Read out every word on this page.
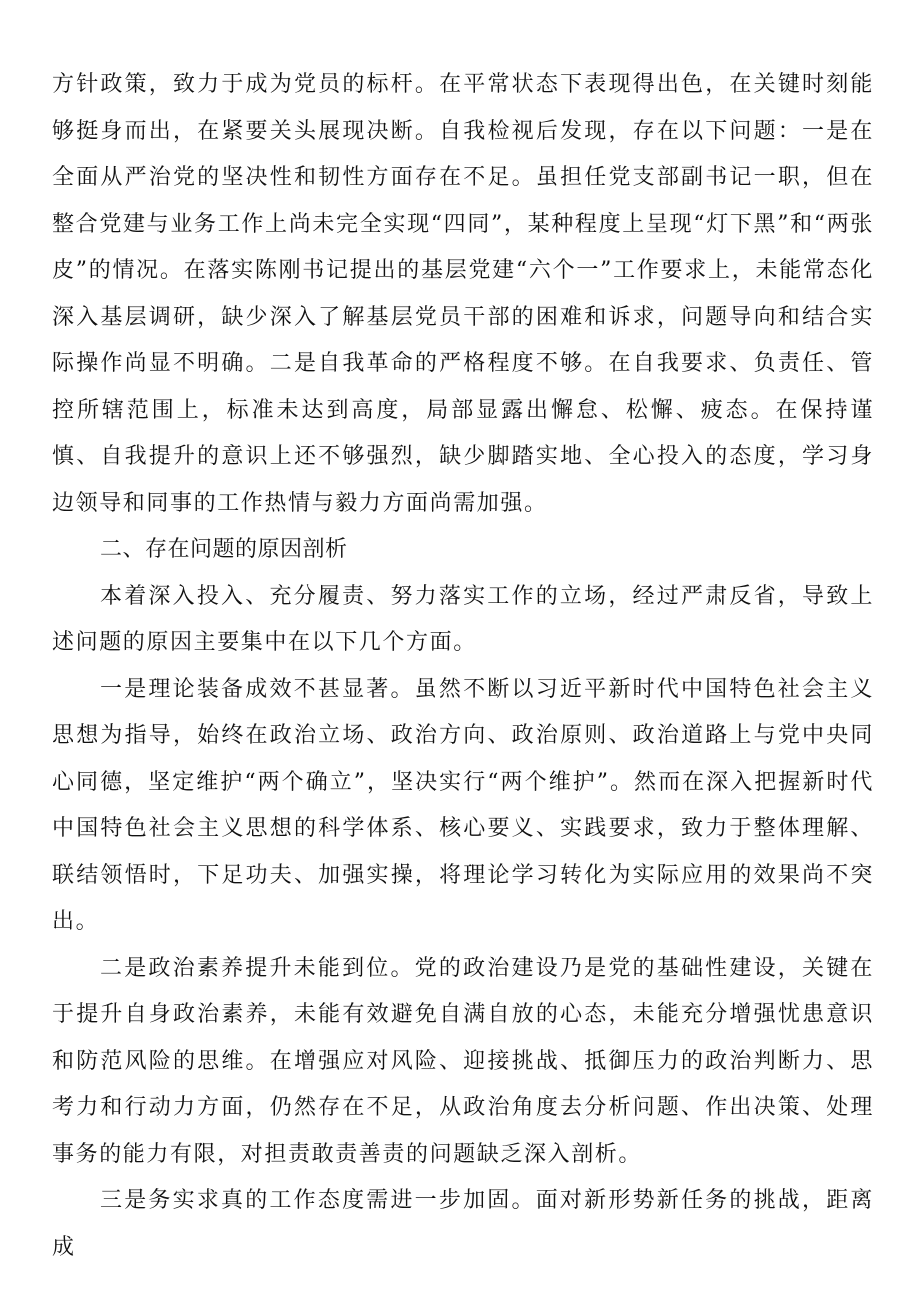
方针政策，致力于成为党员的标杆。在平常状态下表现得出色，在关键时刻能够挺身而出，在紧要关头展现决断。自我检视后发现，存在以下问题：一是在全面从严治党的坚决性和韧性方面存在不足。虽担任党支部副书记一职，但在整合党建与业务工作上尚未完全实现“四同”，某种程度上呈现“灯下黑”和“两张皮”的情况。在落实陈刚书记提出的基层党建“六个一”工作要求上，未能常态化深入基层调研，缺少深入了解基层党员干部的困难和诉求，问题导向和结合实际操作尚显不明确。二是自我革命的严格程度不够。在自我要求、负责任、管控所辖范围上，标准未达到高度，局部显露出懈怠、松懈、疲态。在保持谨慎、自我提升的意识上还不够强烈，缺少脚踏实地、全心投入的态度，学习身边领导和同事的工作热情与毅力方面尚需加强。

二、存在问题的原因剖析

本着深入投入、充分履责、努力落实工作的立场，经过严肃反省，导致上述问题的原因主要集中在以下几个方面。

一是理论装备成效不甚显著。虽然不断以习近平新时代中国特色社会主义思想为指导，始终在政治立场、政治方向、政治原则、政治道路上与党中央同心同德，坚定维护“两个确立”，坚决实行“两个维护”。然而在深入把握新时代中国特色社会主义思想的科学体系、核心要义、实践要求，致力于整体理解、联结领悟时，下足功夫、加强实操，将理论学习转化为实际应用的效果尚不突出。

二是政治素养提升未能到位。党的政治建设乃是党的基础性建设，关键在于提升自身政治素养，未能有效避免自满自放的心态，未能充分增强忧患意识和防范风险的思维。在增强应对风险、迎接挑战、抵御压力的政治判断力、思考力和行动力方面，仍然存在不足，从政治角度去分析问题、作出决策、处理事务的能力有限，对担责敢责善责的问题缺乏深入剖析。

三是务实求真的工作态度需进一步加固。面对新形势新任务的挑战，距离成
